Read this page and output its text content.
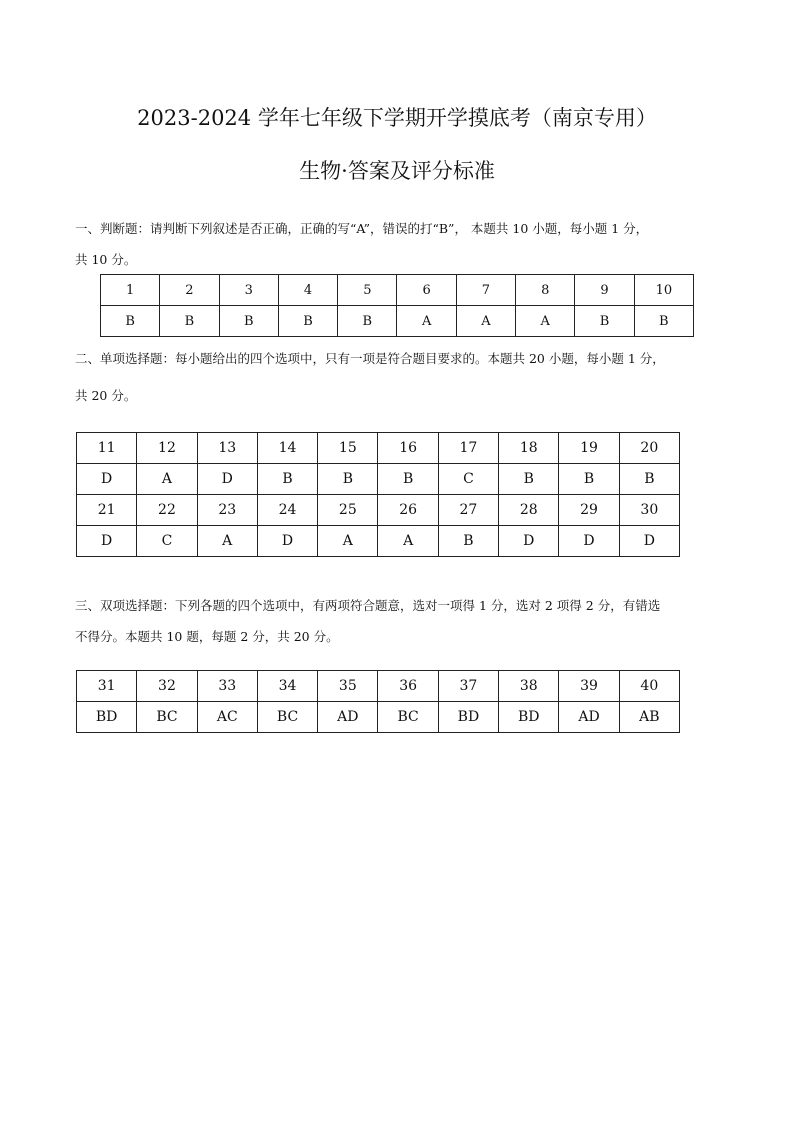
2023-2024 学年七年级下学期开学摸底考（南京专用）
生物·答案及评分标准
一、判断题：请判断下列叙述是否正确，正确的写“A”，错误的打“B”， 本题共 10 小题，每小题 1 分，
共 10 分。
1	2	3	4	5	6	7	8	9	10
B	B	B	B	B	A	A	A	B	B
二、单项选择题：每小题给出的四个选项中，只有一项是符合题目要求的。本题共 20 小题，每小题 1 分，
共 20 分。
11	12	13	14	15	16	17	18	19	20
D	A	D	B	B	B	C	B	B	B
21	22	23	24	25	26	27	28	29	30
D	C	A	D	A	A	B	D	D	D
三、双项选择题：下列各题的四个选项中，有两项符合题意，选对一项得 1 分，选对 2 项得 2 分，有错选
不得分。本题共 10 题，每题 2 分，共 20 分。
31	32	33	34	35	36	37	38	39	40
BD	BC	AC	BC	AD	BC	BD	BD	AD	AB
